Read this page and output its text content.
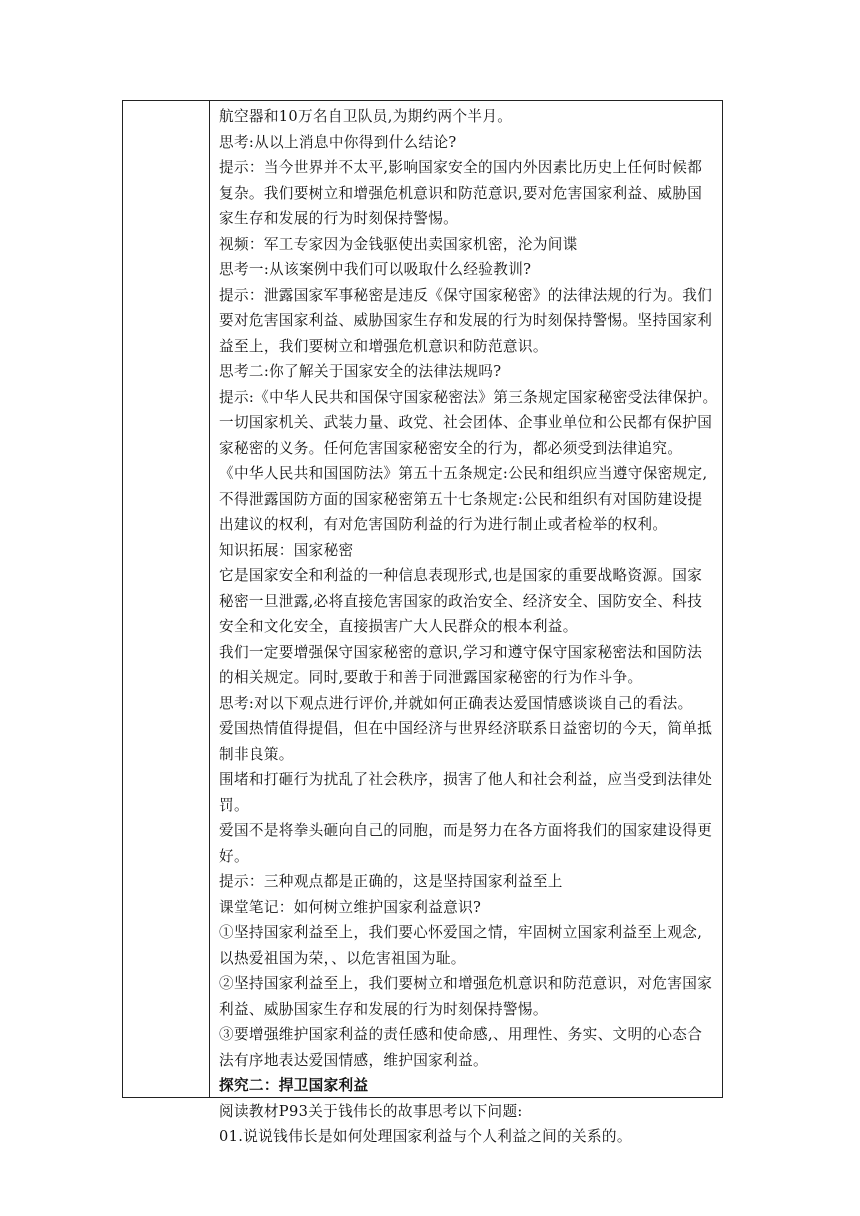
航空器和10万名自卫队员,为期约两个半月。

思考:从以上消息中你得到什么结论?

提示：当今世界并不太平,影响国家安全的国内外因素比历史上任何时候都

复杂。我们要树立和增强危机意识和防范意识,要对危害国家利益、威胁国

家生存和发展的行为时刻保持警惕。

视频：军工专家因为金钱驱使出卖国家机密，沦为间谍

思考一:从该案例中我们可以吸取什么经验教训?

提示：泄露国家军事秘密是违反《保守国家秘密》的法律法规的行为。我们

要对危害国家利益、威胁国家生存和发展的行为时刻保持警惕。坚持国家利

益至上，我们要树立和增强危机意识和防范意识。

思考二:你了解关于国家安全的法律法规吗?

提示:《中华人民共和国保守国家秘密法》第三条规定国家秘密受法律保护。

一切国家机关、武装力量、政党、社会团体、企事业单位和公民都有保护国

家秘密的义务。任何危害国家秘密安全的行为，都必须受到法律追究。

《中华人民共和国国防法》第五十五条规定:公民和组织应当遵守保密规定,

不得泄露国防方面的国家秘密第五十七条规定:公民和组织有对国防建设提

出建议的权利，有对危害国防利益的行为进行制止或者检举的权利。

知识拓展：国家秘密

它是国家安全和利益的一种信息表现形式,也是国家的重要战略资源。国家

秘密一旦泄露,必将直接危害国家的政治安全、经济安全、国防安全、科技

安全和文化安全，直接损害广大人民群众的根本利益。

我们一定要增强保守国家秘密的意识,学习和遵守保守国家秘密法和国防法

的相关规定。同时,要敢于和善于同泄露国家秘密的行为作斗争。

思考:对以下观点进行评价,并就如何正确表达爱国情感谈谈自己的看法。

爱国热情值得提倡，但在中国经济与世界经济联系日益密切的今天，简单抵

制非良策。

围堵和打砸行为扰乱了社会秩序，损害了他人和社会利益，应当受到法律处

罚。

爱国不是将拳头砸向自己的同胞，而是努力在各方面将我们的国家建设得更

好。

提示：三种观点都是正确的，这是坚持国家利益至上

课堂笔记：如何树立维护国家利益意识?

①坚持国家利益至上，我们要心怀爱国之情，牢固树立国家利益至上观念,

以热爱祖国为荣，、以危害祖国为耻。

②坚持国家利益至上，我们要树立和增强危机意识和防范意识，对危害国家

利益、威胁国家生存和发展的行为时刻保持警惕。

③要增强维护国家利益的责任感和使命感,、用理性、务实、文明的心态合

法有序地表达爱国情感，维护国家利益。

探究二：捍卫国家利益

阅读教材P93关于钱伟长的故事思考以下问题:

01.说说钱伟长是如何处理国家利益与个人利益之间的关系的。
